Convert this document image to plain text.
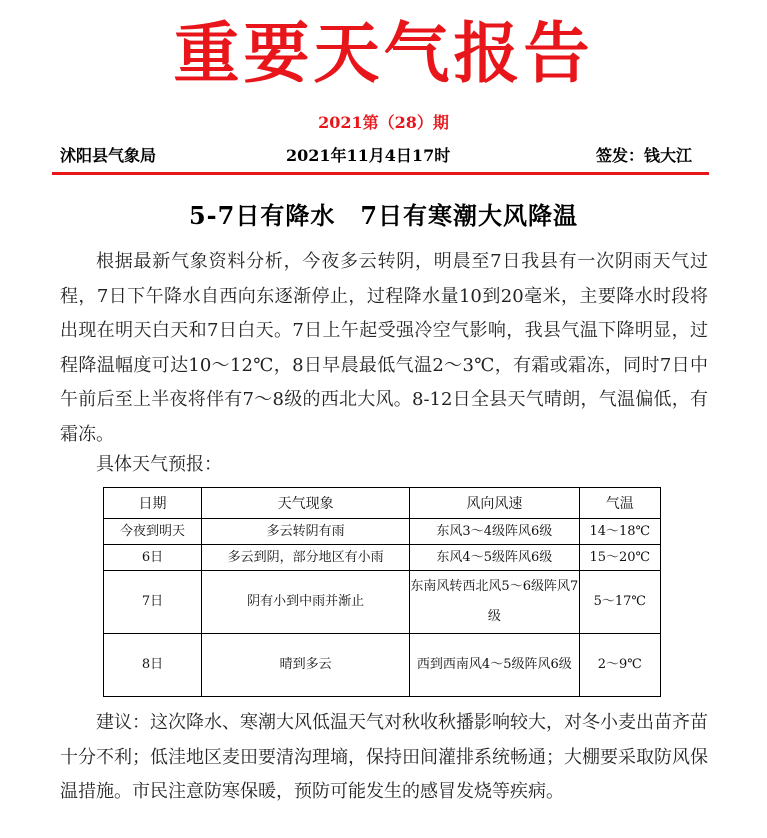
重要天气报告
2021第（28）期
沭阳县气象局	2021年11月4日17时	签发：钱大江
5-7日有降水　7日有寒潮大风降温

根据最新气象资料分析，今夜多云转阴，明晨至7日我县有一次阴雨天气过程，7日下午降水自西向东逐渐停止，过程降水量10到20毫米，主要降水时段将出现在明天白天和7日白天。7日上午起受强冷空气影响，我县气温下降明显，过程降温幅度可达10～12℃，8日早晨最低气温2～3℃，有霜或霜冻，同时7日中午前后至上半夜将伴有7～8级的西北大风。8-12日全县天气晴朗，气温偏低，有霜冻。

具体天气预报：

日期	天气现象	风向风速	气温
今夜到明天	多云转阴有雨	东风3～4级阵风6级	14～18℃
6日	多云到阴，部分地区有小雨	东风4～5级阵风6级	15～20℃
7日	阴有小到中雨并渐止	东南风转西北风5～6级阵风7级	5～17℃
8日	晴到多云	西到西南风4～5级阵风6级	2～9℃

建议：这次降水、寒潮大风低温天气对秋收秋播影响较大，对冬小麦出苗齐苗十分不利；低洼地区麦田要清沟理墒，保持田间灌排系统畅通；大棚要采取防风保温措施。市民注意防寒保暖，预防可能发生的感冒发烧等疾病。
